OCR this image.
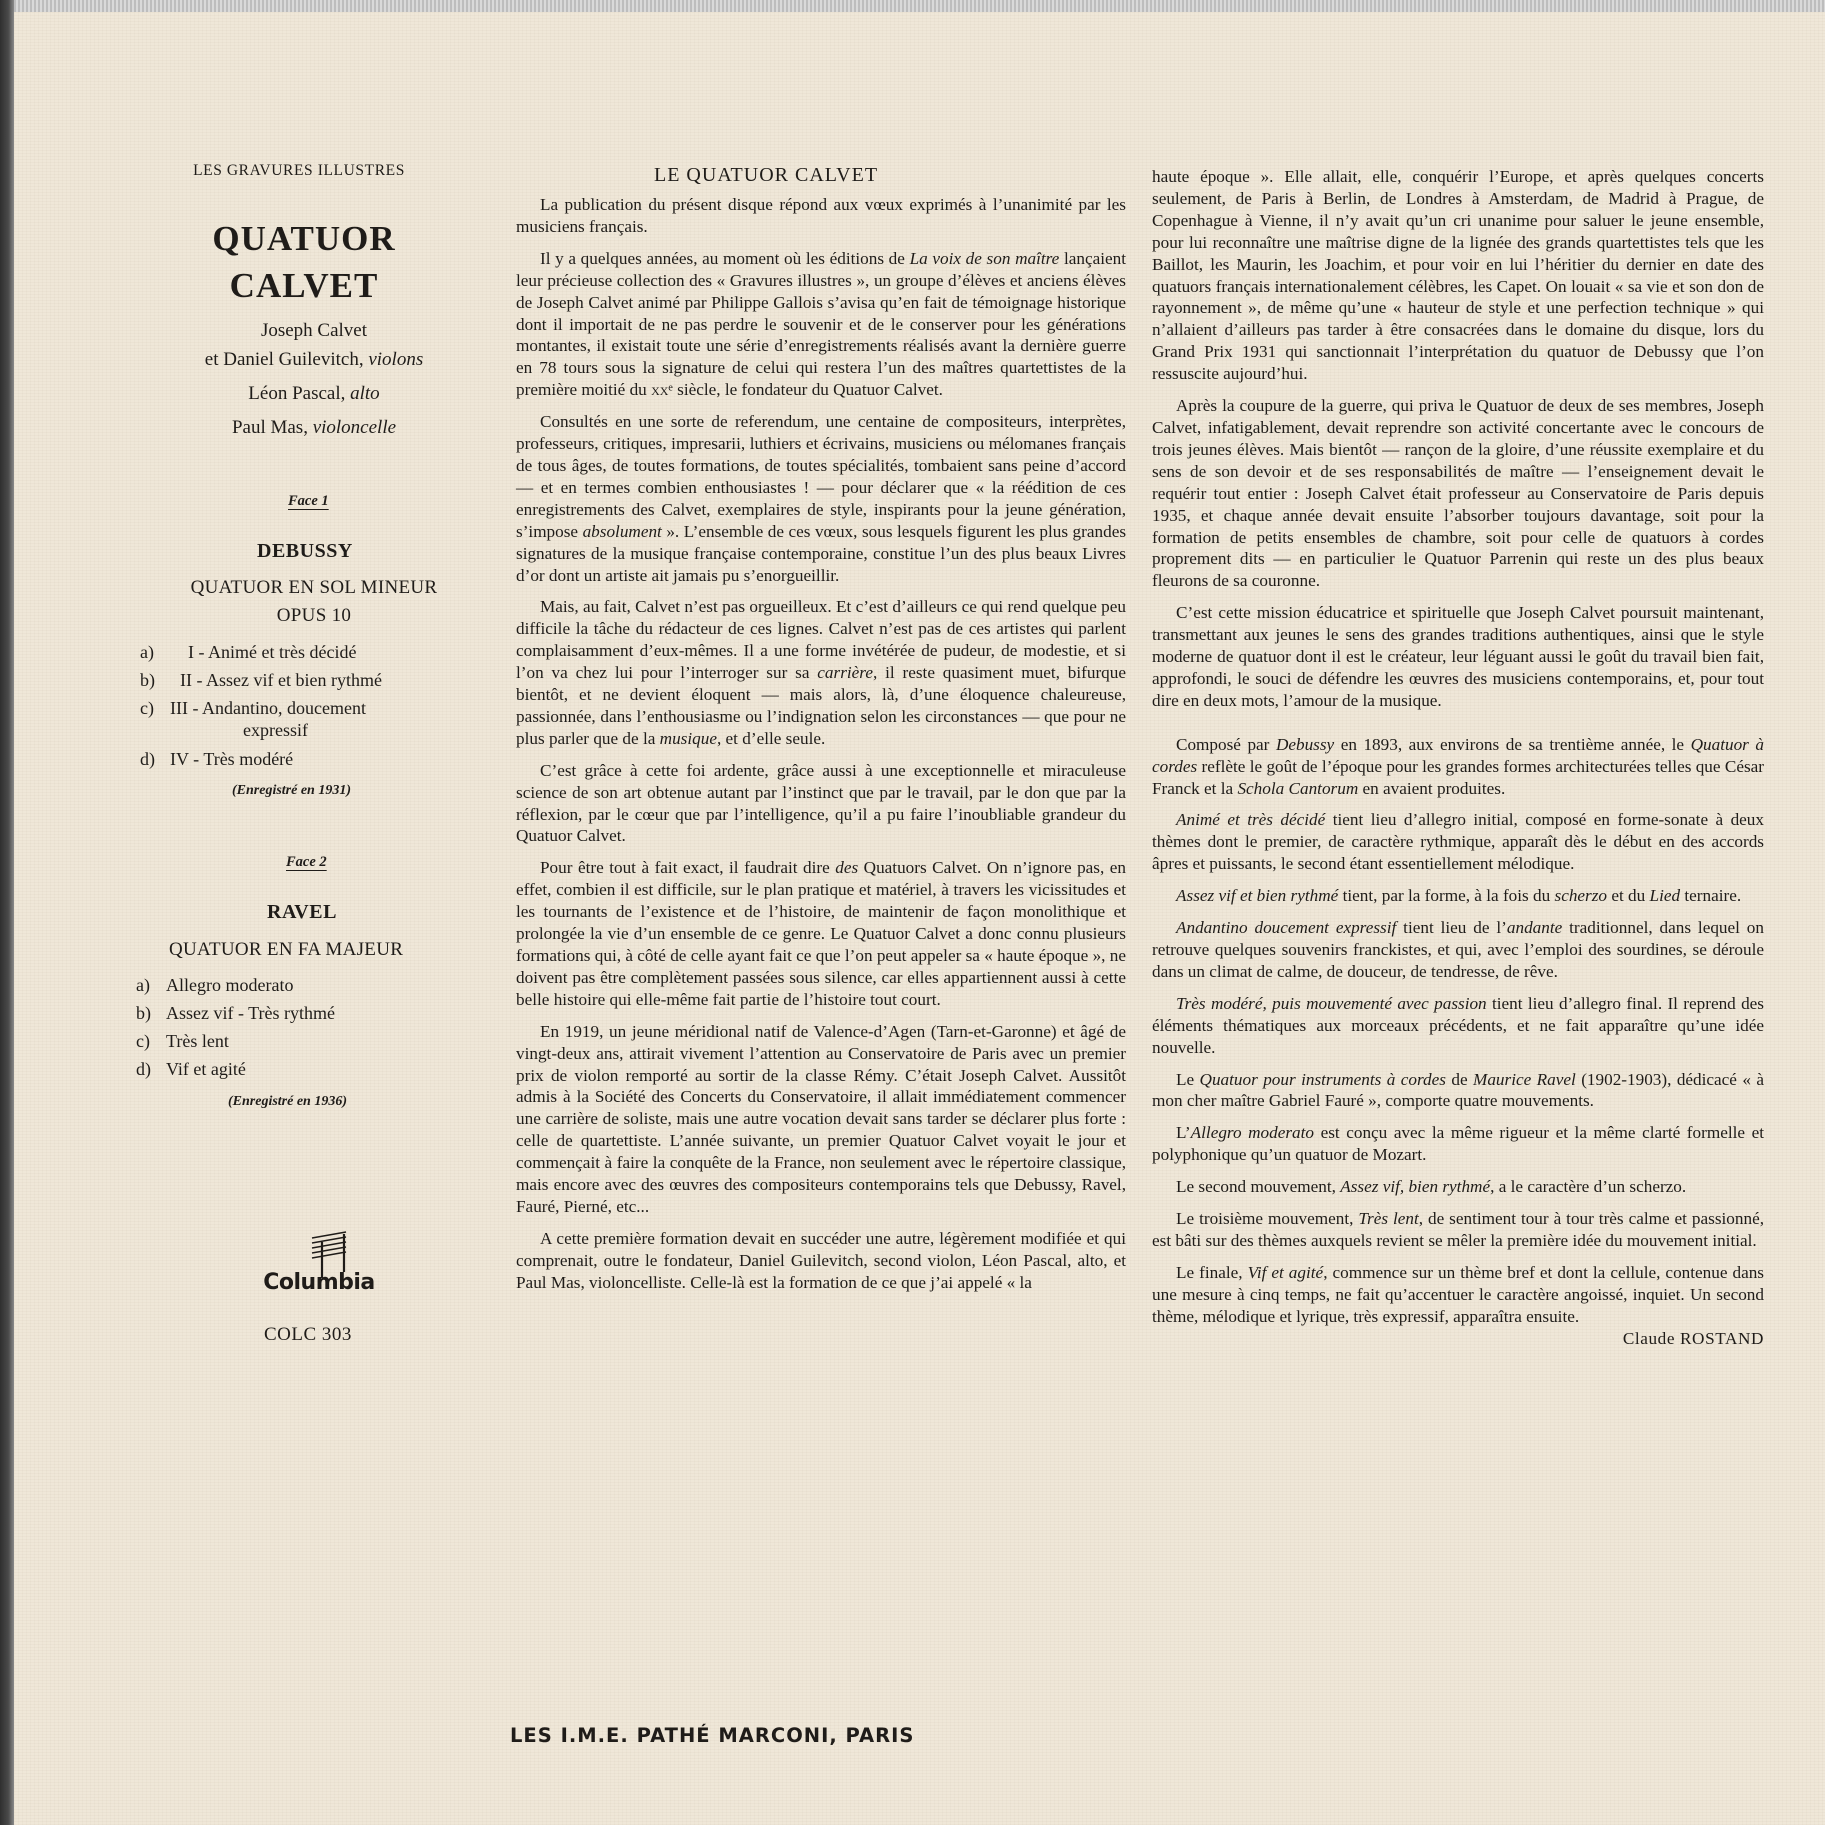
LES GRAVURES ILLUSTRES
QUATUOR
CALVET
Joseph Calvet
et Daniel Guilevitch, violons
Léon Pascal, alto
Paul Mas, violoncelle
Face 1
DEBUSSY
QUATUOR EN SOL MINEUR
OPUS 10
a) I - Animé et très décidé
b) II - Assez vif et bien rythmé
c) III - Andantino, doucement
expressif
d) IV - Très modéré
(Enregistré en 1931)
Face 2
RAVEL
QUATUOR EN FA MAJEUR
a) Allegro moderato
b) Assez vif - Très rythmé
c) Très lent
d) Vif et agité
(Enregistré en 1936)
Columbia
COLC 303
LE QUATUOR CALVET

La publication du présent disque répond aux vœux exprimés à l’unanimité par les musiciens français.

Il y a quelques années, au moment où les éditions de La voix de son maître lançaient leur précieuse collection des « Gravures illustres », un groupe d’élèves et anciens élèves de Joseph Calvet animé par Philippe Gallois s’avisa qu’en fait de témoignage historique dont il importait de ne pas perdre le souvenir et de le conserver pour les générations montantes, il existait toute une série d’enregistrements réalisés avant la dernière guerre en 78 tours sous la signature de celui qui restera l’un des maîtres quartettistes de la première moitié du xxᵉ siècle, le fondateur du Quatuor Calvet.

Consultés en une sorte de referendum, une centaine de compositeurs, interprètes, professeurs, critiques, impresarii, luthiers et écrivains, musiciens ou mélomanes français de tous âges, de toutes formations, de toutes spécialités, tombaient sans peine d’accord — et en termes combien enthousiastes ! — pour déclarer que « la réédition de ces enregistrements des Calvet, exemplaires de style, inspirants pour la jeune génération, s’impose absolument ». L’ensemble de ces vœux, sous lesquels figurent les plus grandes signatures de la musique française contemporaine, constitue l’un des plus beaux Livres d’or dont un artiste ait jamais pu s’enorgueillir.

Mais, au fait, Calvet n’est pas orgueilleux. Et c’est d’ailleurs ce qui rend quelque peu difficile la tâche du rédacteur de ces lignes. Calvet n’est pas de ces artistes qui parlent complaisamment d’eux-mêmes. Il a une forme invétérée de pudeur, de modestie, et si l’on va chez lui pour l’interroger sur sa carrière, il reste quasiment muet, bifurque bientôt, et ne devient éloquent — mais alors, là, d’une éloquence chaleureuse, passionnée, dans l’enthousiasme ou l’indignation selon les circonstances — que pour ne plus parler que de la musique, et d’elle seule.

C’est grâce à cette foi ardente, grâce aussi à une exceptionnelle et miraculeuse science de son art obtenue autant par l’instinct que par le travail, par le don que par la réflexion, par le cœur que par l’intelligence, qu’il a pu faire l’inoubliable grandeur du Quatuor Calvet.

Pour être tout à fait exact, il faudrait dire des Quatuors Calvet. On n’ignore pas, en effet, combien il est difficile, sur le plan pratique et matériel, à travers les vicissitudes et les tournants de l’existence et de l’histoire, de maintenir de façon monolithique et prolongée la vie d’un ensemble de ce genre. Le Quatuor Calvet a donc connu plusieurs formations qui, à côté de celle ayant fait ce que l’on peut appeler sa « haute époque », ne doivent pas être complètement passées sous silence, car elles appartiennent aussi à cette belle histoire qui elle-même fait partie de l’histoire tout court.

En 1919, un jeune méridional natif de Valence-d’Agen (Tarn-et-Garonne) et âgé de vingt-deux ans, attirait vivement l’attention au Conservatoire de Paris avec un premier prix de violon remporté au sortir de la classe Rémy. C’était Joseph Calvet. Aussitôt admis à la Société des Concerts du Conservatoire, il allait immédiatement commencer une carrière de soliste, mais une autre vocation devait sans tarder se déclarer plus forte : celle de quartettiste. L’année suivante, un premier Quatuor Calvet voyait le jour et commençait à faire la conquête de la France, non seulement avec le répertoire classique, mais encore avec des œuvres des compositeurs contemporains tels que Debussy, Ravel, Fauré, Pierné, etc...

A cette première formation devait en succéder une autre, légèrement modifiée et qui comprenait, outre le fondateur, Daniel Guilevitch, second violon, Léon Pascal, alto, et Paul Mas, violoncelliste. Celle-là est la formation de ce que j’ai appelé « la

haute époque ». Elle allait, elle, conquérir l’Europe, et après quelques concerts seulement, de Paris à Berlin, de Londres à Amsterdam, de Madrid à Prague, de Copenhague à Vienne, il n’y avait qu’un cri unanime pour saluer le jeune ensemble, pour lui reconnaître une maîtrise digne de la lignée des grands quartettistes tels que les Baillot, les Maurin, les Joachim, et pour voir en lui l’héritier du dernier en date des quatuors français internationalement célèbres, les Capet. On louait « sa vie et son don de rayonnement », de même qu’une « hauteur de style et une perfection technique » qui n’allaient d’ailleurs pas tarder à être consacrées dans le domaine du disque, lors du Grand Prix 1931 qui sanctionnait l’interprétation du quatuor de Debussy que l’on ressuscite aujourd’hui.

Après la coupure de la guerre, qui priva le Quatuor de deux de ses membres, Joseph Calvet, infatigablement, devait reprendre son activité concertante avec le concours de trois jeunes élèves. Mais bientôt — rançon de la gloire, d’une réussite exemplaire et du sens de son devoir et de ses responsabilités de maître — l’enseignement devait le requérir tout entier : Joseph Calvet était professeur au Conservatoire de Paris depuis 1935, et chaque année devait ensuite l’absorber toujours davantage, soit pour la formation de petits ensembles de chambre, soit pour celle de quatuors à cordes proprement dits — en particulier le Quatuor Parrenin qui reste un des plus beaux fleurons de sa couronne.

C’est cette mission éducatrice et spirituelle que Joseph Calvet poursuit maintenant, transmettant aux jeunes le sens des grandes traditions authentiques, ainsi que le style moderne de quatuor dont il est le créateur, leur léguant aussi le goût du travail bien fait, approfondi, le souci de défendre les œuvres des musiciens contemporains, et, pour tout dire en deux mots, l’amour de la musique.

Composé par Debussy en 1893, aux environs de sa trentième année, le Quatuor à cordes reflète le goût de l’époque pour les grandes formes architecturées telles que César Franck et la Schola Cantorum en avaient produites.

Animé et très décidé tient lieu d’allegro initial, composé en forme-sonate à deux thèmes dont le premier, de caractère rythmique, apparaît dès le début en des accords âpres et puissants, le second étant essentiellement mélodique.

Assez vif et bien rythmé tient, par la forme, à la fois du scherzo et du Lied ternaire.

Andantino doucement expressif tient lieu de l’andante traditionnel, dans lequel on retrouve quelques souvenirs franckistes, et qui, avec l’emploi des sourdines, se déroule dans un climat de calme, de douceur, de tendresse, de rêve.

Très modéré, puis mouvementé avec passion tient lieu d’allegro final. Il reprend des éléments thématiques aux morceaux précédents, et ne fait apparaître qu’une idée nouvelle.

Le Quatuor pour instruments à cordes de Maurice Ravel (1902-1903), dédicacé « à mon cher maître Gabriel Fauré », comporte quatre mouvements.

L’Allegro moderato est conçu avec la même rigueur et la même clarté formelle et polyphonique qu’un quatuor de Mozart.

Le second mouvement, Assez vif, bien rythmé, a le caractère d’un scherzo.

Le troisième mouvement, Très lent, de sentiment tour à tour très calme et passionné, est bâti sur des thèmes auxquels revient se mêler la première idée du mouvement initial.

Le finale, Vif et agité, commence sur un thème bref et dont la cellule, contenue dans une mesure à cinq temps, ne fait qu’accentuer le caractère angoissé, inquiet. Un second thème, mélodique et lyrique, très expressif, apparaîtra ensuite.

Claude ROSTAND
LES I.M.E. PATHÉ MARCONI, PARIS
